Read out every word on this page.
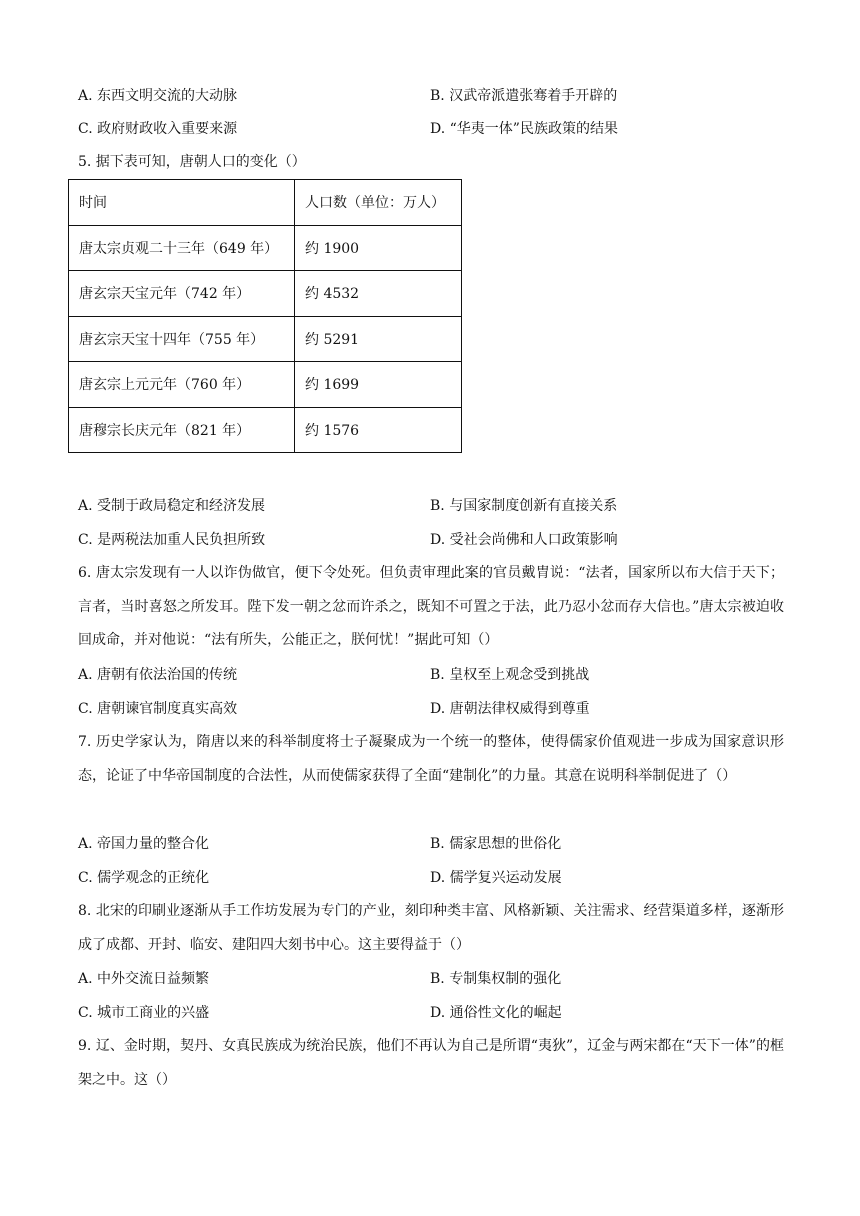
A. 东西文明交流的大动脉	B. 汉武帝派遣张骞着手开辟的
C. 政府财政收入重要来源	D. “华夷一体”民族政策的结果
5. 据下表可知，唐朝人口的变化（）
时间	人口数（单位：万人）
唐太宗贞观二十三年（649 年）	约 1900
唐玄宗天宝元年（742 年）	约 4532
唐玄宗天宝十四年（755 年）	约 5291
唐玄宗上元元年（760 年）	约 1699
唐穆宗长庆元年（821 年）	约 1576
A. 受制于政局稳定和经济发展	B. 与国家制度创新有直接关系
C. 是两税法加重人民负担所致	D. 受社会尚佛和人口政策影响
6. 唐太宗发现有一人以诈伪做官，便下令处死。但负责审理此案的官员戴胄说：“法者，国家所以布大信于天下；言者，当时喜怒之所发耳。陛下发一朝之忿而许杀之，既知不可置之于法，此乃忍小忿而存大信也。”唐太宗被迫收回成命，并对他说：“法有所失，公能正之，朕何忧！”据此可知（）
A. 唐朝有依法治国的传统	B. 皇权至上观念受到挑战
C. 唐朝谏官制度真实高效	D. 唐朝法律权威得到尊重
7. 历史学家认为，隋唐以来的科举制度将士子凝聚成为一个统一的整体，使得儒家价值观进一步成为国家意识形态，论证了中华帝国制度的合法性，从而使儒家获得了全面“建制化”的力量。其意在说明科举制促进了（）
A. 帝国力量的整合化	B. 儒家思想的世俗化
C. 儒学观念的正统化	D. 儒学复兴运动发展
8. 北宋的印刷业逐渐从手工作坊发展为专门的产业，刻印种类丰富、风格新颖、关注需求、经营渠道多样，逐渐形成了成都、开封、临安、建阳四大刻书中心。这主要得益于（）
A. 中外交流日益频繁	B. 专制集权制的强化
C. 城市工商业的兴盛	D. 通俗性文化的崛起
9. 辽、金时期，契丹、女真民族成为统治民族，他们不再认为自己是所谓“夷狄”，辽金与两宋都在“天下一体”的框架之中。这（）
